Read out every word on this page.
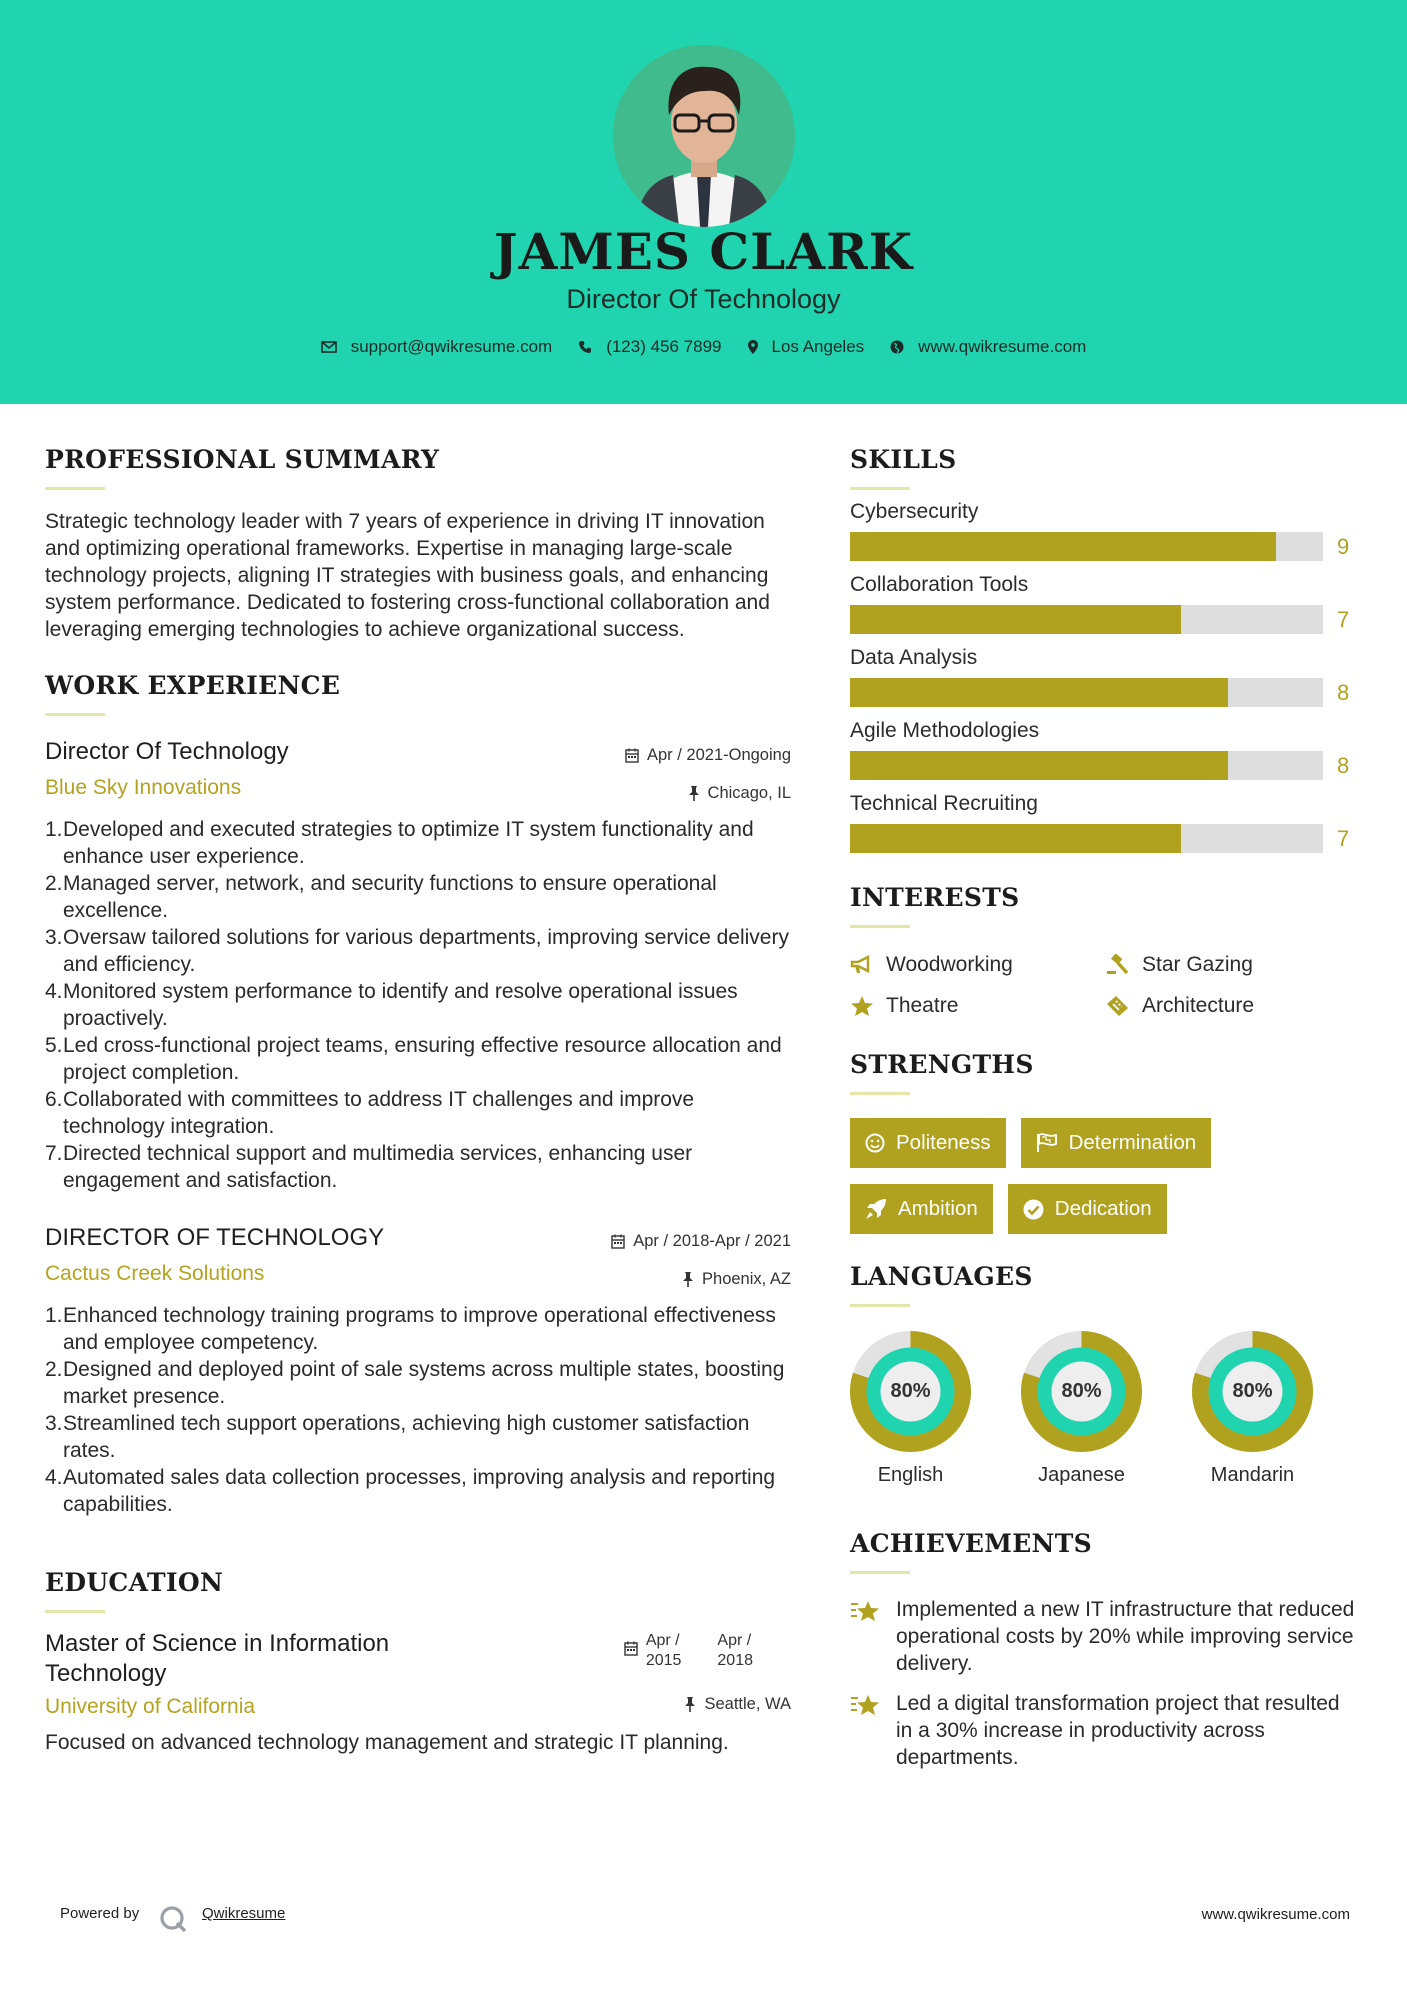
JAMES CLARK
Director Of Technology
support@qwikresume.com	(123) 456 7899	Los Angeles	www.qwikresume.com
PROFESSIONAL SUMMARY
Strategic technology leader with 7 years of experience in driving IT innovation and optimizing operational frameworks. Expertise in managing large-scale technology projects, aligning IT strategies with business goals, and enhancing system performance. Dedicated to fostering cross-functional collaboration and leveraging emerging technologies to achieve organizational success.
WORK EXPERIENCE
Director Of Technology	Apr / 2021-Ongoing
Blue Sky Innovations	Chicago, IL
1. Developed and executed strategies to optimize IT system functionality and enhance user experience.
2. Managed server, network, and security functions to ensure operational excellence.
3. Oversaw tailored solutions for various departments, improving service delivery and efficiency.
4. Monitored system performance to identify and resolve operational issues proactively.
5. Led cross-functional project teams, ensuring effective resource allocation and project completion.
6. Collaborated with committees to address IT challenges and improve technology integration.
7. Directed technical support and multimedia services, enhancing user engagement and satisfaction.
DIRECTOR OF TECHNOLOGY	Apr / 2018-Apr / 2021
Cactus Creek Solutions	Phoenix, AZ
1. Enhanced technology training programs to improve operational effectiveness and employee competency.
2. Designed and deployed point of sale systems across multiple states, boosting market presence.
3. Streamlined tech support operations, achieving high customer satisfaction rates.
4. Automated sales data collection processes, improving analysis and reporting capabilities.
EDUCATION
Master of Science in Information
Technology
Apr /
2015
Apr /
2018
University of California	Seattle, WA
Focused on advanced technology management and strategic IT planning.
SKILLS
Cybersecurity
9
Collaboration Tools
7
Data Analysis
8
Agile Methodologies
8
Technical Recruiting
7
INTERESTS
Woodworking	Star Gazing
Theatre	Architecture
STRENGTHS
Politeness	Determination
Ambition	Dedication
LANGUAGES
80%
English
80%
Japanese
80%
Mandarin
ACHIEVEMENTS
Implemented a new IT infrastructure that reduced operational costs by 20% while improving service delivery.
Led a digital transformation project that resulted in a 30% increase in productivity across departments.
Powered by	Qwikresume	www.qwikresume.com
